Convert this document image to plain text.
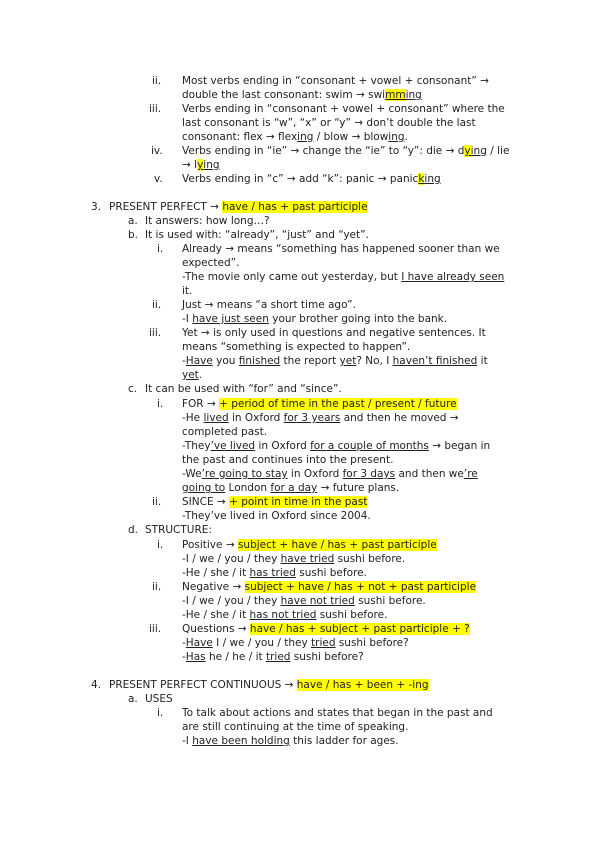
ii. Most verbs ending in “consonant + vowel + consonant” →
double the last consonant: swim → swimming
iii. Verbs ending in “consonant + vowel + consonant” where the
last consonant is “w”, “x” or “y” → don’t double the last
consonant: flex → flexing / blow → blowing.
iv. Verbs ending in “ie” → change the “ie” to “y”: die → dying / lie
→ lying
v. Verbs ending in “c” → add “k”: panic → panicking
3. PRESENT PERFECT → have / has + past participle
a. It answers: how long…?
b. It is used with: “already”, “just” and “yet”.
i. Already → means “something has happened sooner than we
expected”.
-The movie only came out yesterday, but I have already seen
it.
ii. Just → means “a short time ago”.
-I have just seen your brother going into the bank.
iii. Yet → is only used in questions and negative sentences. It
means “something is expected to happen”.
-Have you finished the report yet? No, I haven’t finished it
yet.
c. It can be used with “for” and “since”.
i. FOR → + period of time in the past / present / future
-He lived in Oxford for 3 years and then he moved →
completed past.
-They’ve lived in Oxford for a couple of months → began in
the past and continues into the present.
-We’re going to stay in Oxford for 3 days and then we’re
going to London for a day → future plans.
ii. SINCE → + point in time in the past
-They’ve lived in Oxford since 2004.
d. STRUCTURE:
i. Positive → subject + have / has + past participle
-I / we / you / they have tried sushi before.
-He / she / it has tried sushi before.
ii. Negative → subject + have / has + not + past participle
-I / we / you / they have not tried sushi before.
-He / she / it has not tried sushi before.
iii. Questions → have / has + subject + past participle + ?
-Have I / we / you / they tried sushi before?
-Has he / he / it tried sushi before?
4. PRESENT PERFECT CONTINUOUS → have / has + been + -ing
a. USES
i. To talk about actions and states that began in the past and
are still continuing at the time of speaking.
-I have been holding this ladder for ages.
